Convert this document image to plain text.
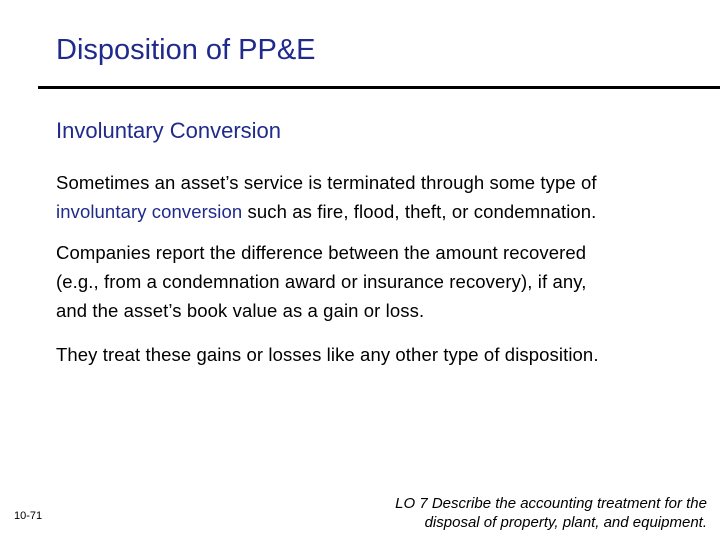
Disposition of PP&E
Involuntary Conversion

Sometimes an asset’s service is terminated through some type of
involuntary conversion such as fire, flood, theft, or condemnation.

Companies report the difference between the amount recovered
(e.g., from a condemnation award or insurance recovery), if any,
and the asset’s book value as a gain or loss.

They treat these gains or losses like any other type of disposition.

10-71
LO 7 Describe the accounting treatment for the
disposal of property, plant, and equipment.
